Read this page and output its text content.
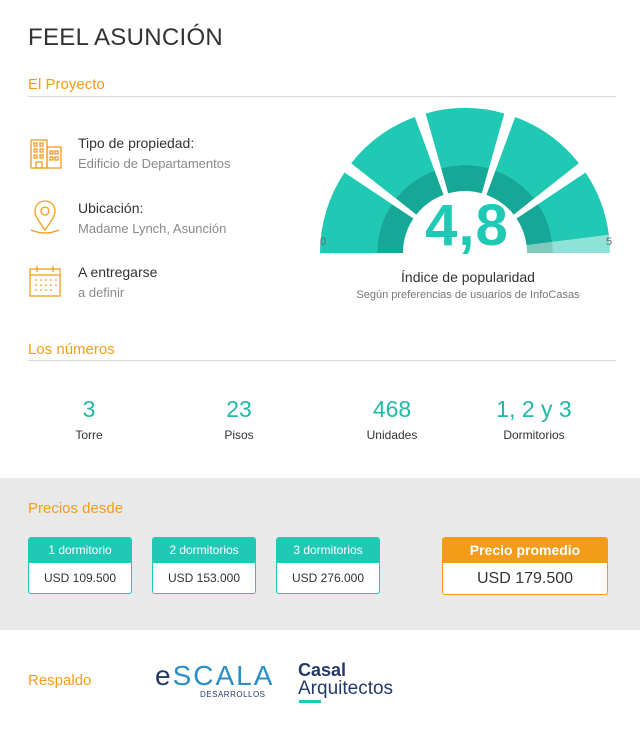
FEEL ASUNCIÓN
El Proyecto
Tipo de propiedad:
Edificio de Departamentos
Ubicación:
Madame Lynch, Asunción
A entregarse
a definir
4,8
0	5
Índice de popularidad
Según preferencias de usuarios de InfoCasas
Los números
3
Torre
23
Pisos
468
Unidades
1, 2 y 3
Dormitorios
Precios desde
1 dormitorio
USD 109.500
2 dormitorios
USD 153.000
3 dormitorios
USD 276.000
Precio promedio
USD 179.500
Respaldo eSCALA
DESARROLLOS
Casal
Arquitectos
